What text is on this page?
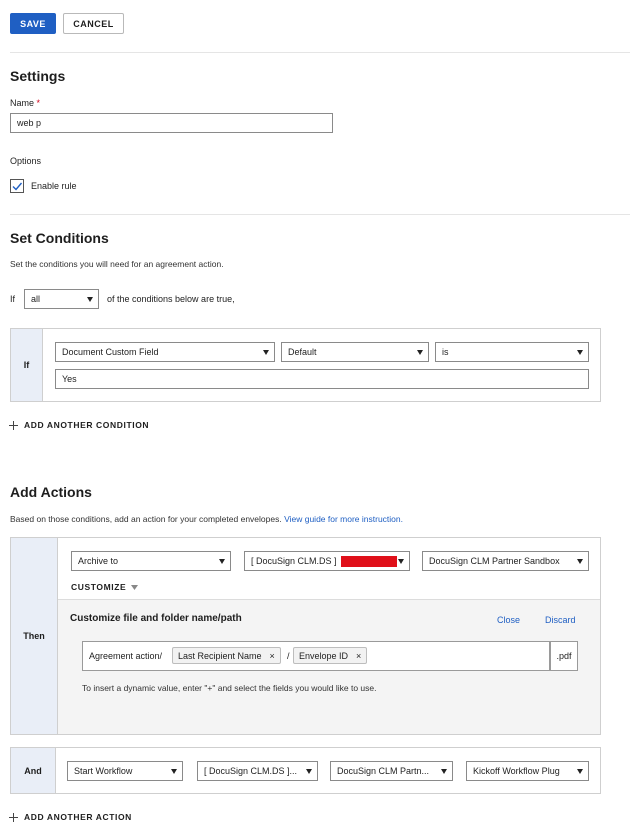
SAVE	CANCEL
Settings
Name *
web p
Options
Enable rule
Set Conditions
Set the conditions you will need for an agreement action.
If all	of the conditions below are true,
If
Document Custom Field	Default	is
Yes
ADD ANOTHER CONDITION
Add Actions
Based on those conditions, add an action for your completed envelopes. View guide for more instruction.
Then
Archive to	[ DocuSign CLM.DS ]	DocuSign CLM Partner Sandbox
CUSTOMIZE
Customize file and folder name/path	Close	Discard
Agreement action/ Last Recipient Name × / Envelope ID ×	.pdf
To insert a dynamic value, enter "+" and select the fields you would like to use.
And	Start Workflow	[ DocuSign CLM.DS ]...	DocuSign CLM Partn...	Kickoff Workflow Plug
ADD ANOTHER ACTION
